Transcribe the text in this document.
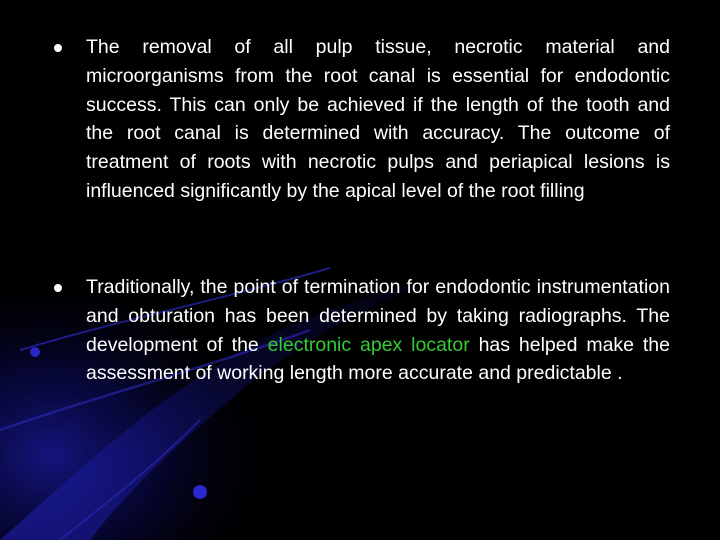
The removal of all pulp tissue, necrotic material and microorganisms from the root canal is essential for endodontic success. This can only be achieved if the length of the tooth and the root canal is determined with accuracy. The outcome of treatment of roots with necrotic pulps and periapical lesions is influenced significantly by the apical level of the root filling

Traditionally, the point of termination for endodontic instrumentation and obturation has been determined by taking radiographs. The development of the electronic apex locator has helped make the assessment of working length more accurate and predictable .
